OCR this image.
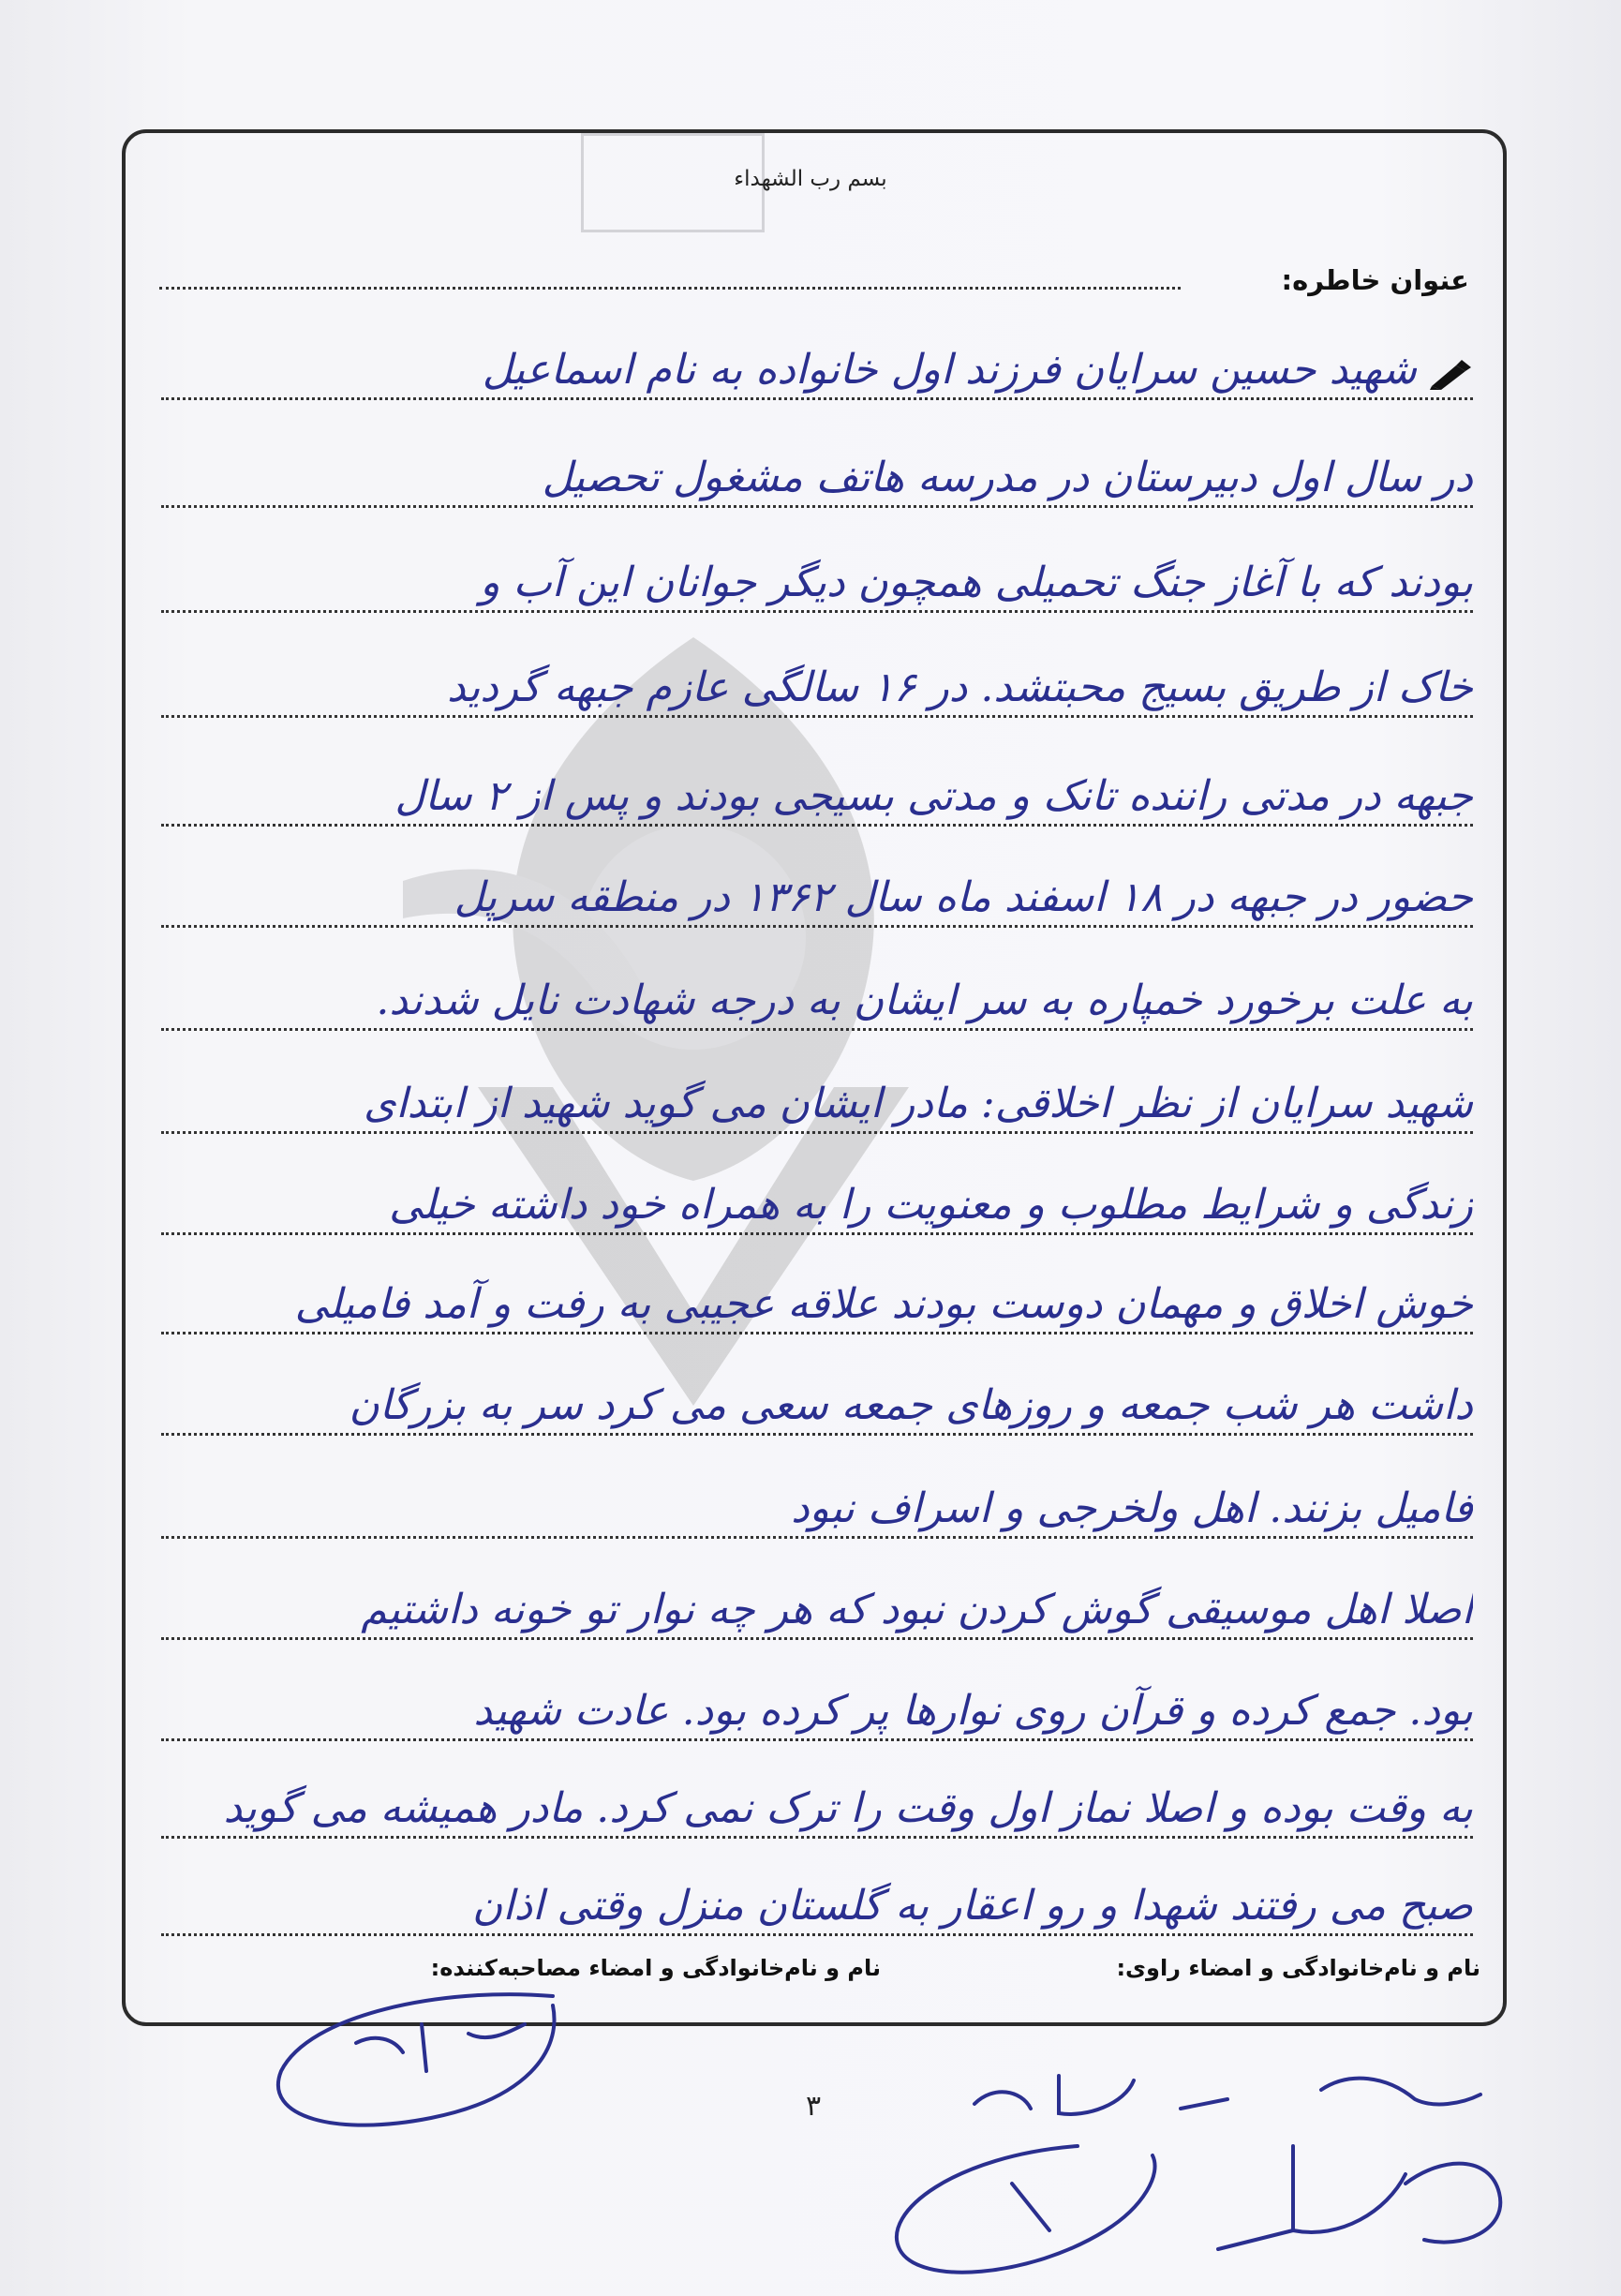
بسم رب الشهداء
عنوان خاطره:
شهید حسین سرایان فرزند اول خانواده به نام اسماعیل
در سال اول دبیرستان در مدرسه هاتف مشغول تحصیل
بودند که با آغاز جنگ تحمیلی همچون دیگر جوانان این آب و
خاک از طریق بسیج محبتشد. در ۱۶ سالگی عازم جبهه گردید
جبهه در مدتی راننده تانک و مدتی بسیجی بودند و پس از ۲ سال
حضور در جبهه در ۱۸ اسفند ماه سال ۱۳۶۲ در منطقه سرپل
به علت برخورد خمپاره به سر ایشان به درجه شهادت نایل شدند.
شهید سرایان از نظر اخلاقی: مادر ایشان می گوید شهید از ابتدای
زندگی و شرایط مطلوب و معنویت را به همراه خود داشته خیلی
خوش اخلاق و مهمان دوست بودند علاقه عجیبی به رفت و آمد فامیلی
داشت هر شب جمعه و روزهای جمعه سعی می کرد سر به بزرگان
فامیل بزنند. اهل ولخرجی و اسراف نبود
اصلا اهل موسیقی گوش کردن نبود که هر چه نوار تو خونه داشتیم
بود. جمع کرده و قرآن روی نوارها پر کرده بود. عادت شهید
به وقت بوده و اصلا نماز اول وقت را ترک نمی کرد. مادر همیشه می گوید
صبح می رفتند شهدا و رو اعقار به گلستان منزل وقتی اذان
نام و نام‌خانوادگی و امضاء راوی:
نام و نام‌خانوادگی و امضاء مصاحبه‌کننده:
۳
